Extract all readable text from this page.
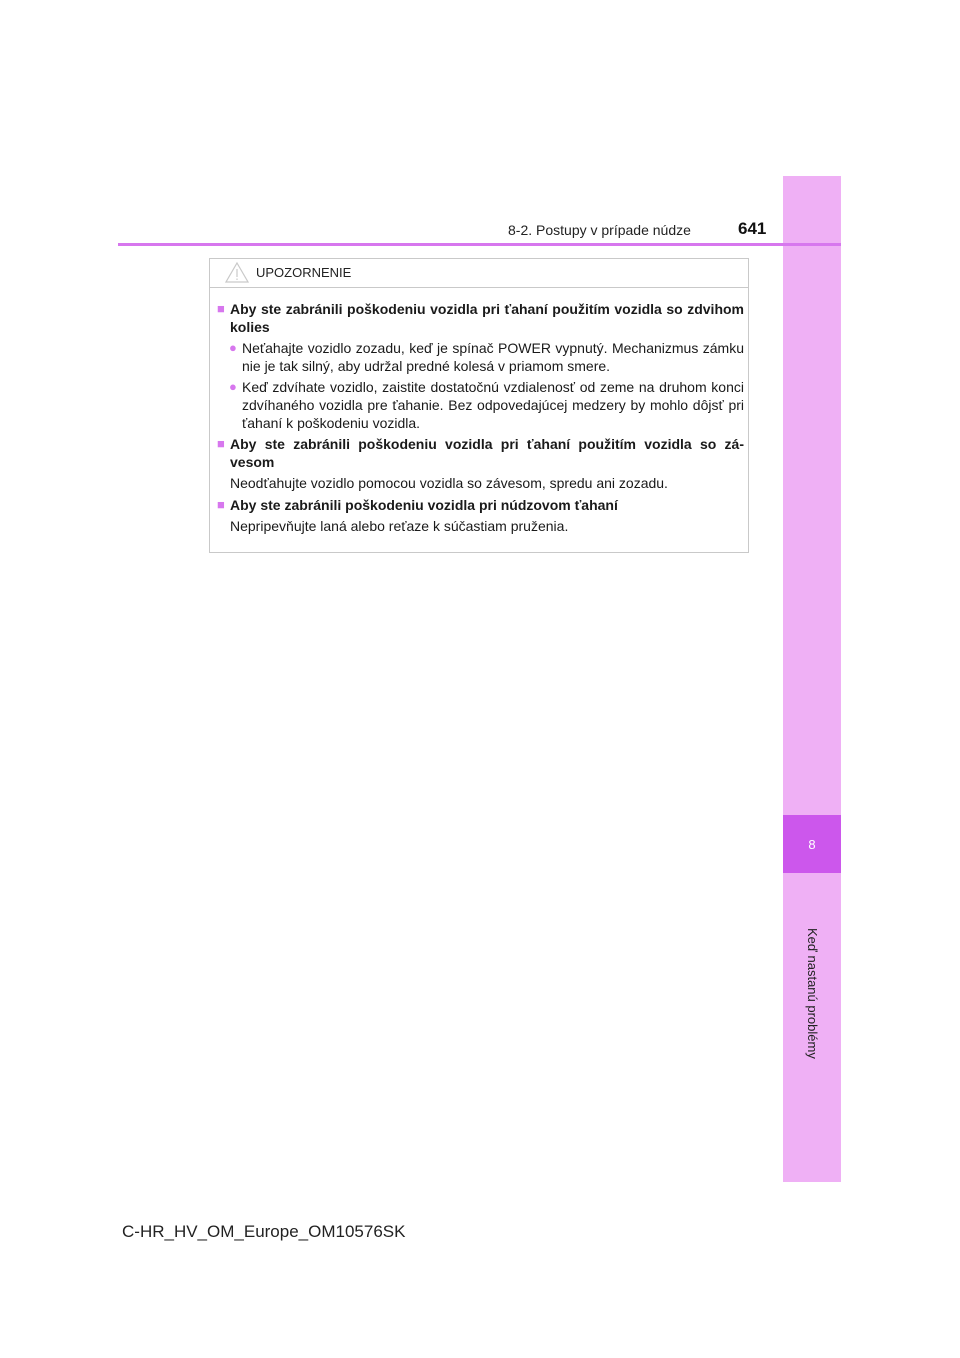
8
Keď nastanú problémy
8-2. Postupy v prípade núdze	641
UPOZORNENIE
■ Aby ste zabránili poškodeniu vozidla pri ťahaní použitím vozidla so zdvihom kolies
● Neťahajte vozidlo zozadu, keď je spínač POWER vypnutý. Mechanizmus zámku nie je tak silný, aby udržal predné kolesá v priamom smere.
● Keď zdvíhate vozidlo, zaistite dostatočnú vzdialenosť od zeme na druhom konci zdvíhaného vozidla pre ťahanie. Bez odpovedajúcej medzery by mohlo dôjsť pri ťahaní k poškodeniu vozidla.
■ Aby ste zabránili poškodeniu vozidla pri ťahaní použitím vozidla so zá-vesom
Neodťahujte vozidlo pomocou vozidla so závesom, spredu ani zozadu.
■ Aby ste zabránili poškodeniu vozidla pri núdzovom ťahaní
Nepripevňujte laná alebo reťaze k súčastiam pruženia.
C-HR_HV_OM_Europe_OM10576SK
